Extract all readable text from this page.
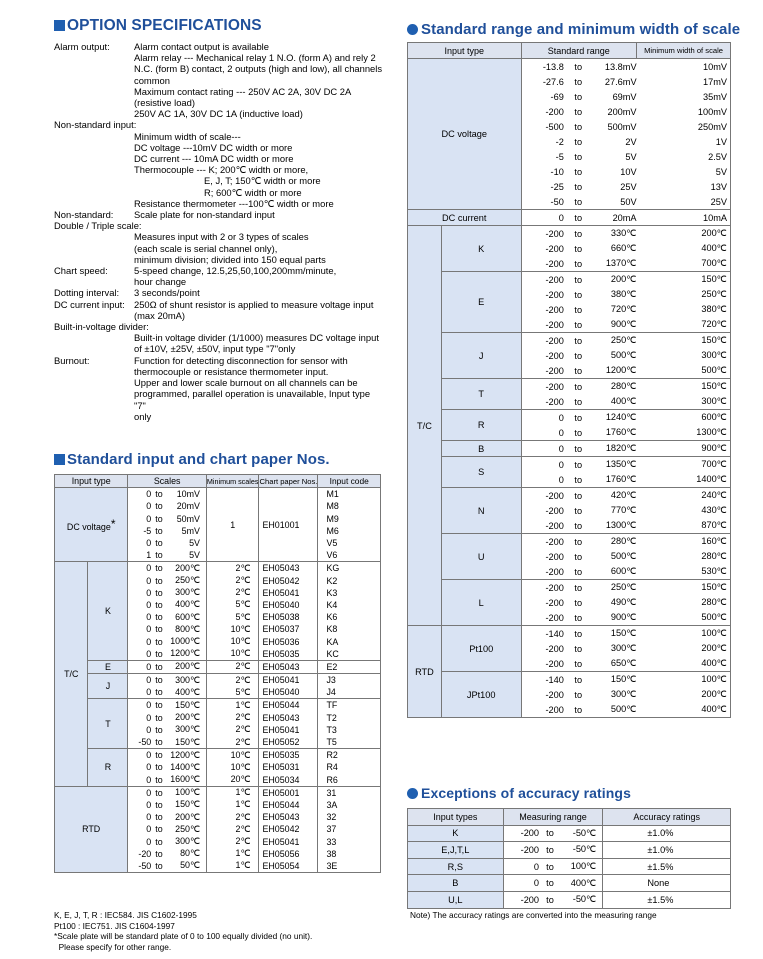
OPTION SPECIFICATIONS	Standard range and minimum width of scale
Standard input and chart paper Nos.
Exceptions of accuracy ratings
Alarm output:	Alarm contact output is available
Alarm relay --- Mechanical relay 1 N.O. (form A) and rely 2
N.C. (form B) contact, 2 outputs (high and low), all channels
common
Maximum contact rating --- 250V AC 2A, 30V DC 2A
(resistive load)
250V AC 1A, 30V DC 1A (inductive load)
Non-standard input:
Minimum width of scale---
DC voltage ---10mV DC width or more
DC current --- 10mA DC width or more
Thermocouple --- K; 200℃ width or more,
E, J, T; 150℃ width or more
R; 600℃ width or more
Resistance thermometer ---100℃ width or more
Non-standard:	Scale plate for non-standard input
Double / Triple scale:
Measures input with 2 or 3 types of scales
(each scale is serial channel only),
minimum division; divided into 150 equal parts
Chart speed:	5-speed change, 12.5,25,50,100,200mm/minute,
hour change
Dotting interval:	3 seconds/point
DC current input: 250Ω of shunt resistor is applied to measure voltage input
(max 20mA)
Built-in-voltage divider:
Built-in voltage divider (1/1000) measures DC voltage input
of ±10V, ±25V, ±50V, input type "7"only
Burnout:	Function for detecting disconnection for sensor with
thermocouple or resistance thermometer input.
Upper and lower scale burnout on all channels can be
programmed, parallel operation is unavailable, Input type "7"
only
Input type		Standard range			Minimum width of scale
DC voltage		-13.8	to	13.8mV	10mV
		-27.6	to	27.6mV	17mV
		-69	to	69mV	35mV
		-200	to	200mV	100mV
		-500	to	500mV	250mV
		-2	to	2V	1V
		-5	to	5V	2.5V
		-10	to	10V	5V
		-25	to	25V	13V
		-50	to	50V	25V
DC current		0	to	20mA	10mA
T/C	K	-200	to	330℃	200℃
		-200	to	660℃	400℃
		-200	to	1370℃	700℃
	E	-200	to	200℃	150℃
		-200	to	380℃	250℃
		-200	to	720℃	380℃
		-200	to	900℃	720℃
	J	-200	to	250℃	150℃
		-200	to	500℃	300℃
		-200	to	1200℃	500℃
	T	-200	to	280℃	150℃
		-200	to	400℃	300℃
	R	0	to	1240℃	600℃
		0	to	1760℃	1300℃
	B	0	to	1820℃	900℃
	S	0	to	1350℃	700℃
		0	to	1760℃	1400℃
	N	-200	to	420℃	240℃
		-200	to	770℃	430℃
		-200	to	1300℃	870℃
	U	-200	to	280℃	160℃
		-200	to	500℃	280℃
		-200	to	600℃	530℃
	L	-200	to	250℃	150℃
		-200	to	490℃	280℃
		-200	to	900℃	500℃
RTD	Pt100	-140	to	150℃	100℃
		-200	to	300℃	200℃
		-200	to	650℃	400℃
	JPt100	-140	to	150℃	100℃
		-200	to	300℃	200℃
		-200	to	500℃	400℃
Input type		Scales			Minimum scales	Chart paper Nos.	Input code
DC voltage*		0	to	10mV	1	EH01001	M1
		0	to	20mV			M8
		0	to	50mV			M9
		-5	to	5mV			M6
		0	to	5V			V5
		1	to	5V			V6
T/C	K	0	to	200℃	2℃	EH05043	KG
		0	to	250℃	2℃	EH05042	K2
		0	to	300℃	2℃	EH05041	K3
		0	to	400℃	5℃	EH05040	K4
		0	to	600℃	5℃	EH05038	K6
		0	to	800℃	10℃	EH05037	K8
		0	to	1000℃	10℃	EH05036	KA
		0	to	1200℃	10℃	EH05035	KC
	E	0	to	200℃	2℃	EH05043	E2
	J	0	to	300℃	2℃	EH05041	J3
		0	to	400℃	5℃	EH05040	J4
	T	0	to	150℃	1℃	EH05044	TF
		0	to	200℃	2℃	EH05043	T2
		0	to	300℃	2℃	EH05041	T3
		-50	to	150℃	2℃	EH05052	T5
	R	0	to	1200℃	10℃	EH05035	R2
		0	to	1400℃	10℃	EH05031	R4
		0	to	1600℃	20℃	EH05034	R6
RTD		0	to	100℃	1℃	EH05001	31
		0	to	150℃	1℃	EH05044	3A
		0	to	200℃	2℃	EH05043	32
		0	to	250℃	2℃	EH05042	37
		0	to	300℃	2℃	EH05041	33
		-20	to	80℃	1℃	EH05056	38
		-50	to	50℃	1℃	EH05054	3E
K, E, J, T, R : IEC584. JIS C1602-1995
Pt100 : IEC751. JIS C1604-1997
*Scale plate will be standard plate of 0 to 100 equally divided (no unit).
Please specify for other range.
Input types	Measuring range			Accuracy ratings
K	-200	to	-50℃	±1.0%
E,J,T,L	-200	to	-50℃	±1.0%
R,S	0	to	100℃	±1.5%
B	0	to	400℃	None
U,L	-200	to	-50℃	±1.5%
Note) The accuracy ratings are converted into the measuring range
